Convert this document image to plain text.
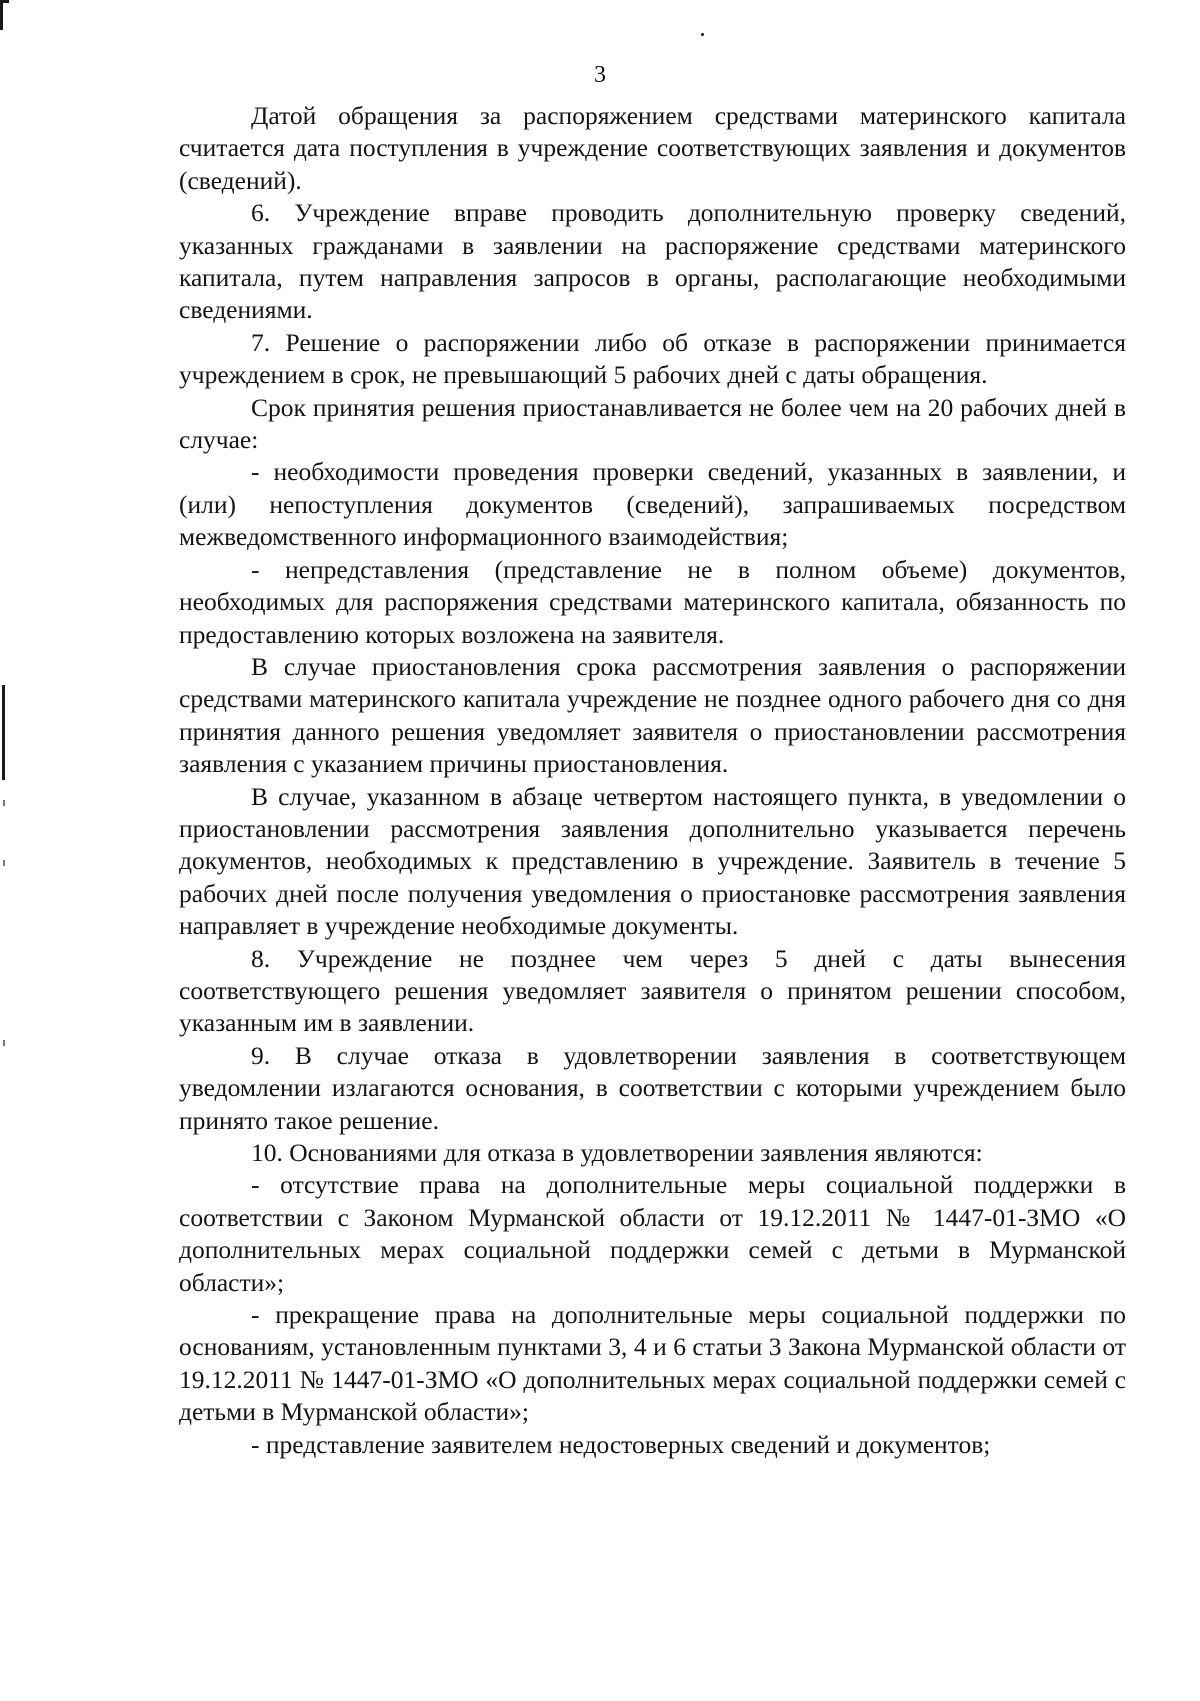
3

Датой обращения за распоряжением средствами материнского капитала считается дата поступления в учреждение соответствующих заявления и документов (сведений).

6. Учреждение вправе проводить дополнительную проверку сведений, указанных гражданами в заявлении на распоряжение средствами материнского капитала, путем направления запросов в органы, располагающие необходимыми сведениями.

7. Решение о распоряжении либо об отказе в распоряжении принимается учреждением в срок, не превышающий 5 рабочих дней с даты обращения.

Срок принятия решения приостанавливается не более чем на 20 рабочих дней в случае:

- необходимости проведения проверки сведений, указанных в заявлении, и (или) непоступления документов (сведений), запрашиваемых посредством межведомственного информационного взаимодействия;

- непредставления (представление не в полном объеме) документов, необходимых для распоряжения средствами материнского капитала, обязанность по предоставлению которых возложена на заявителя.

В случае приостановления срока рассмотрения заявления о распоряжении средствами материнского капитала учреждение не позднее одного рабочего дня со дня принятия данного решения уведомляет заявителя о приостановлении рассмотрения заявления с указанием причины приостановления.

В случае, указанном в абзаце четвертом настоящего пункта, в уведомлении о приостановлении рассмотрения заявления дополнительно указывается перечень документов, необходимых к представлению в учреждение. Заявитель в течение 5 рабочих дней после получения уведомления о приостановке рассмотрения заявления направляет в учреждение необходимые документы.

8. Учреждение не позднее чем через 5 дней с даты вынесения соответствующего решения уведомляет заявителя о принятом решении способом, указанным им в заявлении.

9. В случае отказа в удовлетворении заявления в соответствующем уведомлении излагаются основания, в соответствии с которыми учреждением было принято такое решение.

10. Основаниями для отказа в удовлетворении заявления являются:

- отсутствие права на дополнительные меры социальной поддержки в соответствии с Законом Мурманской области от 19.12.2011 № 1447-01-ЗМО «О дополнительных мерах социальной поддержки семей с детьми в Мурманской области»;

- прекращение права на дополнительные меры социальной поддержки по основаниям, установленным пунктами 3, 4 и 6 статьи 3 Закона Мурманской области от 19.12.2011 № 1447-01-ЗМО «О дополнительных мерах социальной поддержки семей с детьми в Мурманской области»;

- представление заявителем недостоверных сведений и документов;
